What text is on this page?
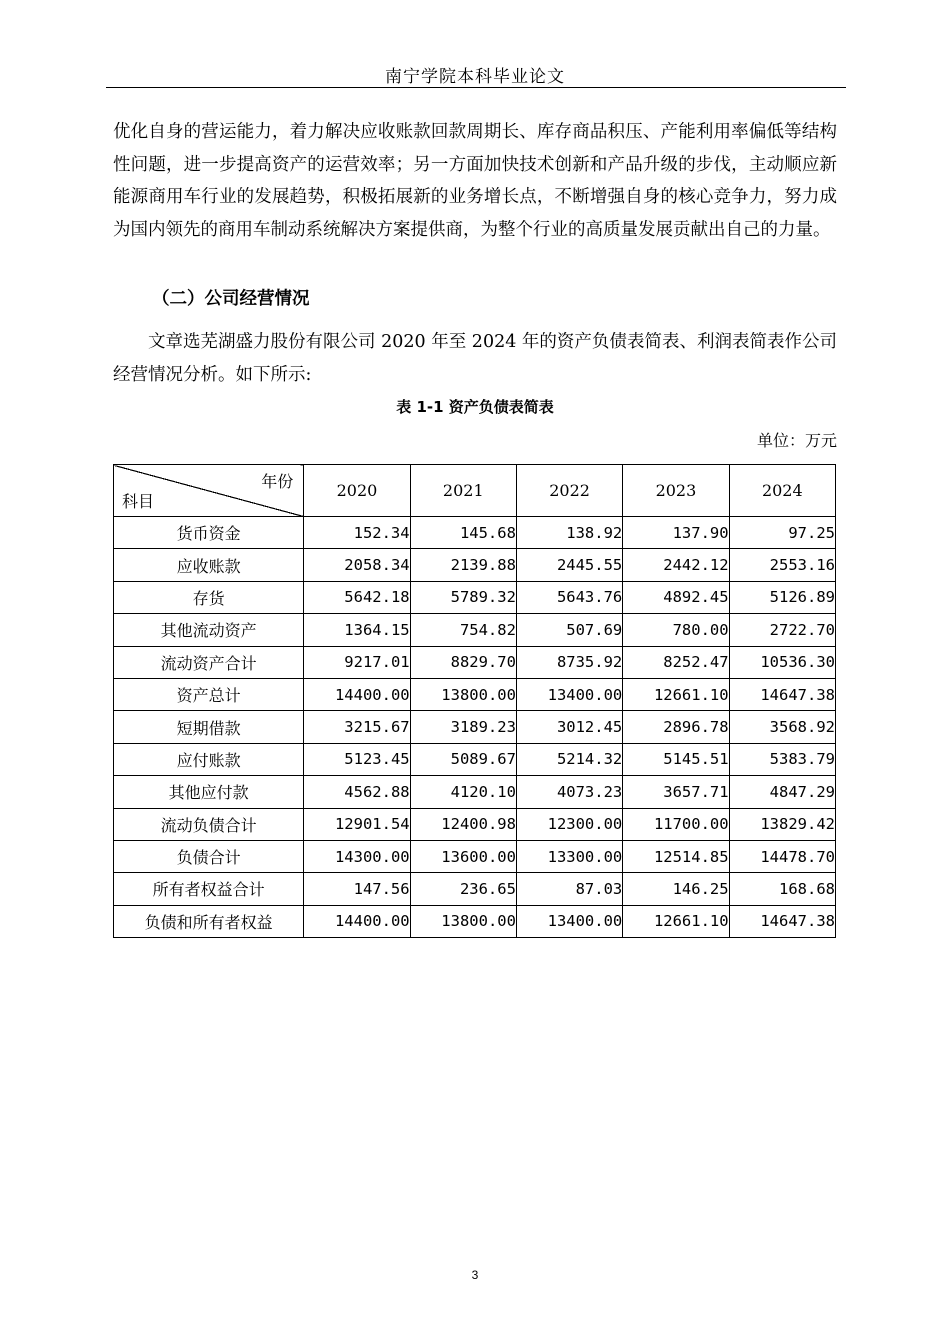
南宁学院本科毕业论文
优化自身的营运能力，着力解决应收账款回款周期长、库存商品积压、产能利用率偏低等结构性问题，进一步提高资产的运营效率；另一方面加快技术创新和产品升级的步伐，主动顺应新能源商用车行业的发展趋势，积极拓展新的业务增长点，不断增强自身的核心竞争力，努力成为国内领先的商用车制动系统解决方案提供商，为整个行业的高质量发展贡献出自己的力量。
（二）公司经营情况
文章选芜湖盛力股份有限公司 2020 年至 2024 年的资产负债表简表、利润表简表作公司经营情况分析。如下所示:
表 1-1 资产负债表简表
单位：万元
年份
科目	2020	2021	2022	2023	2024
货币资金	152.34	145.68	138.92	137.90	97.25
应收账款	2058.34	2139.88	2445.55	2442.12	2553.16
存货	5642.18	5789.32	5643.76	4892.45	5126.89
其他流动资产	1364.15	754.82	507.69	780.00	2722.70
流动资产合计	9217.01	8829.70	8735.92	8252.47	10536.30
资产总计	14400.00	13800.00	13400.00	12661.10	14647.38
短期借款	3215.67	3189.23	3012.45	2896.78	3568.92
应付账款	5123.45	5089.67	5214.32	5145.51	5383.79
其他应付款	4562.88	4120.10	4073.23	3657.71	4847.29
流动负债合计	12901.54	12400.98	12300.00	11700.00	13829.42
负债合计	14300.00	13600.00	13300.00	12514.85	14478.70
所有者权益合计	147.56	236.65	87.03	146.25	168.68
负债和所有者权益	14400.00	13800.00	13400.00	12661.10	14647.38
3
